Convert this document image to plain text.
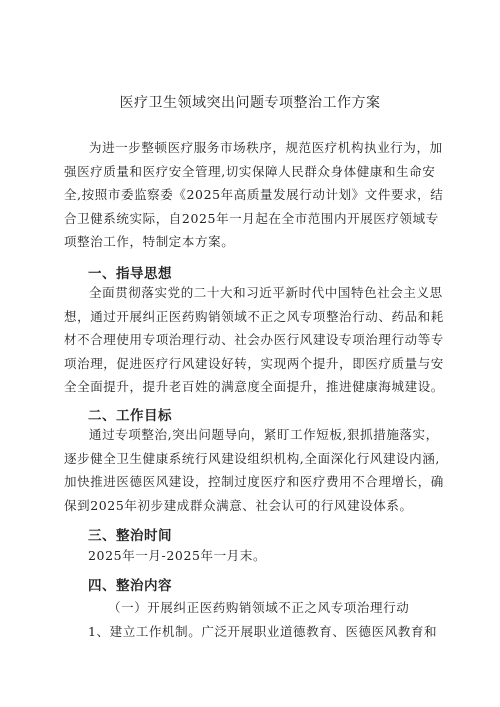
医疗卫生领域突出问题专项整治工作方案

为进一步整顿医疗服务市场秩序，规范医疗机构执业行为，加强医疗质量和医疗安全管理,切实保障人民群众身体健康和生命安全,按照市委监察委《2025年高质量发展行动计划》文件要求，结合卫健系统实际，自2025年一月起在全市范围内开展医疗领域专项整治工作，特制定本方案。

一、指导思想

全面贯彻落实党的二十大和习近平新时代中国特色社会主义思想，通过开展纠正医药购销领域不正之风专项整治行动、药品和耗材不合理使用专项治理行动、社会办医行风建设专项治理行动等专项治理，促进医疗行风建设好转，实现两个提升，即医疗质量与安全全面提升，提升老百姓的满意度全面提升，推进健康海城建设。

二、工作目标

通过专项整治,突出问题导向，紧盯工作短板,狠抓措施落实，逐步健全卫生健康系统行风建设组织机构,全面深化行风建设内涵,加快推进医德医风建设，控制过度医疗和医疗费用不合理增长，确保到2025年初步建成群众满意、社会认可的行风建设体系。

三、整治时间
2025年一月-2025年一月末。
四、整治内容
（一）开展纠正医药购销领域不正之风专项治理行动
1、建立工作机制。广泛开展职业道德教育、医德医风教育和
